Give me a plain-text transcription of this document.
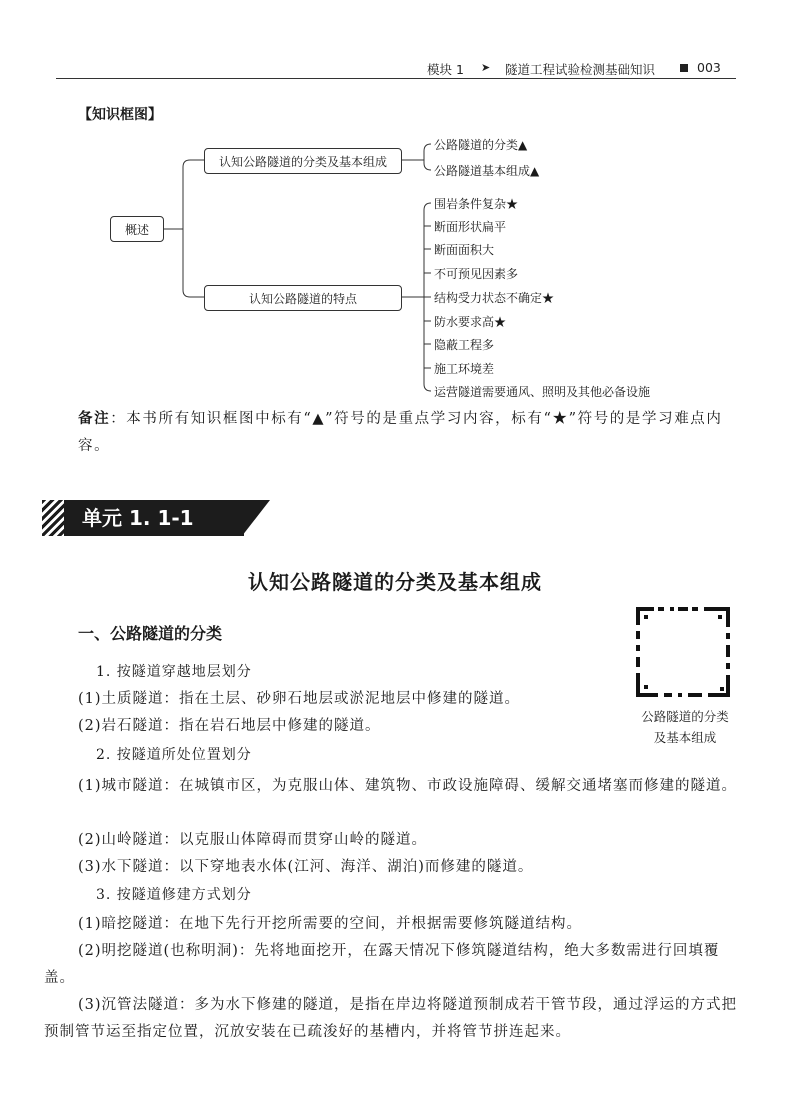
模块 1 ➤ 隧道工程试验检测基础知识	003
【知识框图】
概述
认知公路隧道的分类及基本组成
认知公路隧道的特点
公路隧道的分类▲
公路隧道基本组成▲
围岩条件复杂★
断面形状扁平
断面面积大
不可预见因素多
结构受力状态不确定★
防水要求高★
隐蔽工程多
施工环境差
运营隧道需要通风、照明及其他必备设施
备注：本书所有知识框图中标有“▲”符号的是重点学习内容，标有“★”符号的是学习难点内容。
单元 1. 1-1
认知公路隧道的分类及基本组成
一、公路隧道的分类
公路隧道的分类
及基本组成
1. 按隧道穿越地层划分
(1)土质隧道：指在土层、砂卵石地层或淤泥地层中修建的隧道。
(2)岩石隧道：指在岩石地层中修建的隧道。
2. 按隧道所处位置划分
(1)城市隧道：在城镇市区，为克服山体、建筑物、市政设施障碍、缓解交通堵塞而修建的隧道。
(2)山岭隧道：以克服山体障碍而贯穿山岭的隧道。
(3)水下隧道：以下穿地表水体(江河、海洋、湖泊)而修建的隧道。
3. 按隧道修建方式划分
(1)暗挖隧道：在地下先行开挖所需要的空间，并根据需要修筑隧道结构。
(2)明挖隧道(也称明洞)：先将地面挖开，在露天情况下修筑隧道结构，绝大多数需进行回填覆盖。
(3)沉管法隧道：多为水下修建的隧道，是指在岸边将隧道预制成若干管节段，通过浮运的方式把预制管节运至指定位置，沉放安装在已疏浚好的基槽内，并将管节拼连起来。
